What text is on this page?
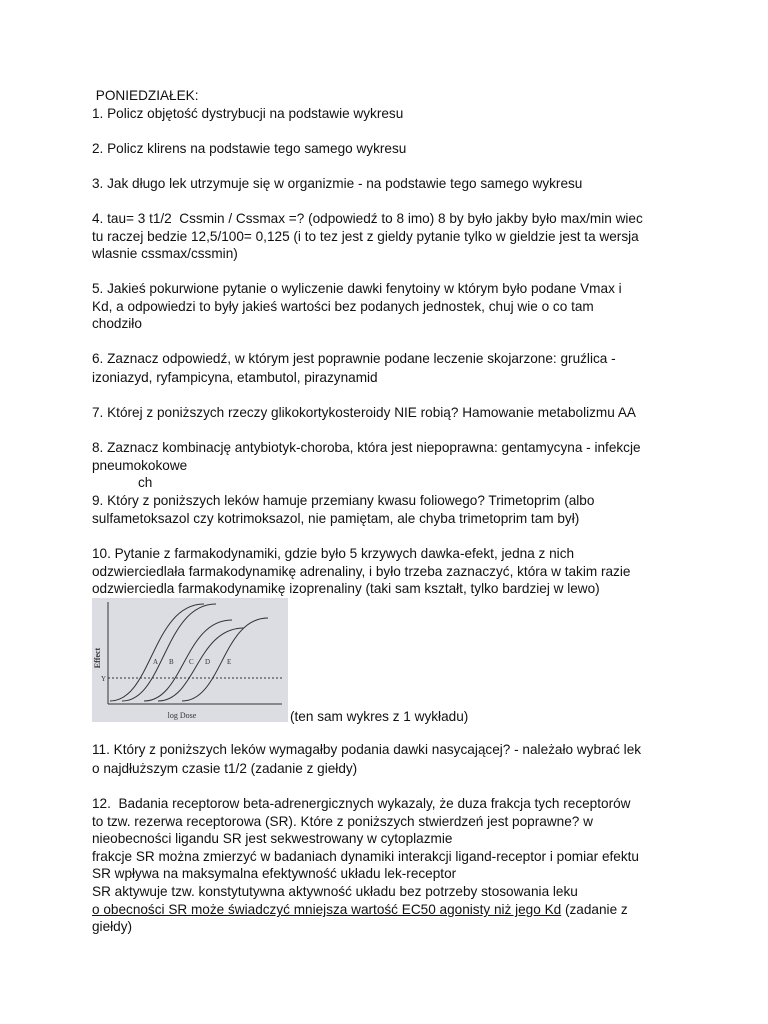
PONIEDZIAŁEK:
1. Policz objętość dystrybucji na podstawie wykresu
2. Policz klirens na podstawie tego samego wykresu
3. Jak długo lek utrzymuje się w organizmie - na podstawie tego samego wykresu
4. tau= 3 t1/2  Cssmin / Cssmax =? (odpowiedź to 8 imo) 8 by było jakby było max/min wiec
tu raczej bedzie 12,5/100= 0,125 (i to tez jest z gieldy pytanie tylko w gieldzie jest ta wersja
wlasnie cssmax/cssmin)
5. Jakieś pokurwione pytanie o wyliczenie dawki fenytoiny w którym było podane Vmax i
Kd, a odpowiedzi to były jakieś wartości bez podanych jednostek, chuj wie o co tam
chodziło
6. Zaznacz odpowiedź, w którym jest poprawnie podane leczenie skojarzone: gruźlica -
izoniazyd, ryfampicyna, etambutol, pirazynamid
7. Której z poniższych rzeczy glikokortykosteroidy NIE robią? Hamowanie metabolizmu AA
8. Zaznacz kombinację antybiotyk-choroba, która jest niepoprawna: gentamycyna - infekcje
pneumokokowe
ch
9. Który z poniższych leków hamuje przemiany kwasu foliowego? Trimetoprim (albo
sulfametoksazol czy kotrimoksazol, nie pamiętam, ale chyba trimetoprim tam był)
10. Pytanie z farmakodynamiki, gdzie było 5 krzywych dawka-efekt, jedna z nich
odzwierciedlała farmakodynamikę adrenaliny, i było trzeba zaznaczyć, która w takim razie
odzwierciedla farmakodynamikę izoprenaliny (taki sam kształt, tylko bardziej w lewo)
Effect
log Dose
Y
A B C D E
(ten sam wykres z 1 wykładu)
11. Który z poniższych leków wymagałby podania dawki nasycającej? - należało wybrać lek
o najdłuższym czasie t1/2 (zadanie z giełdy)
12.  Badania receptorow beta-adrenergicznych wykazaly, że duza frakcja tych receptorów
to tzw. rezerwa receptorowa (SR). Które z poniższych stwierdzeń jest poprawne? w
nieobecności ligandu SR jest sekwestrowany w cytoplazmie
frakcje SR można zmierzyć w badaniach dynamiki interakcji ligand-receptor i pomiar efektu
SR wpływa na maksymalna efektywność układu lek-receptor
SR aktywuje tzw. konstytutywna aktywność układu bez potrzeby stosowania leku
o obecności SR może świadczyć mniejsza wartość EC50 agonisty niż jego Kd (zadanie z
giełdy)
